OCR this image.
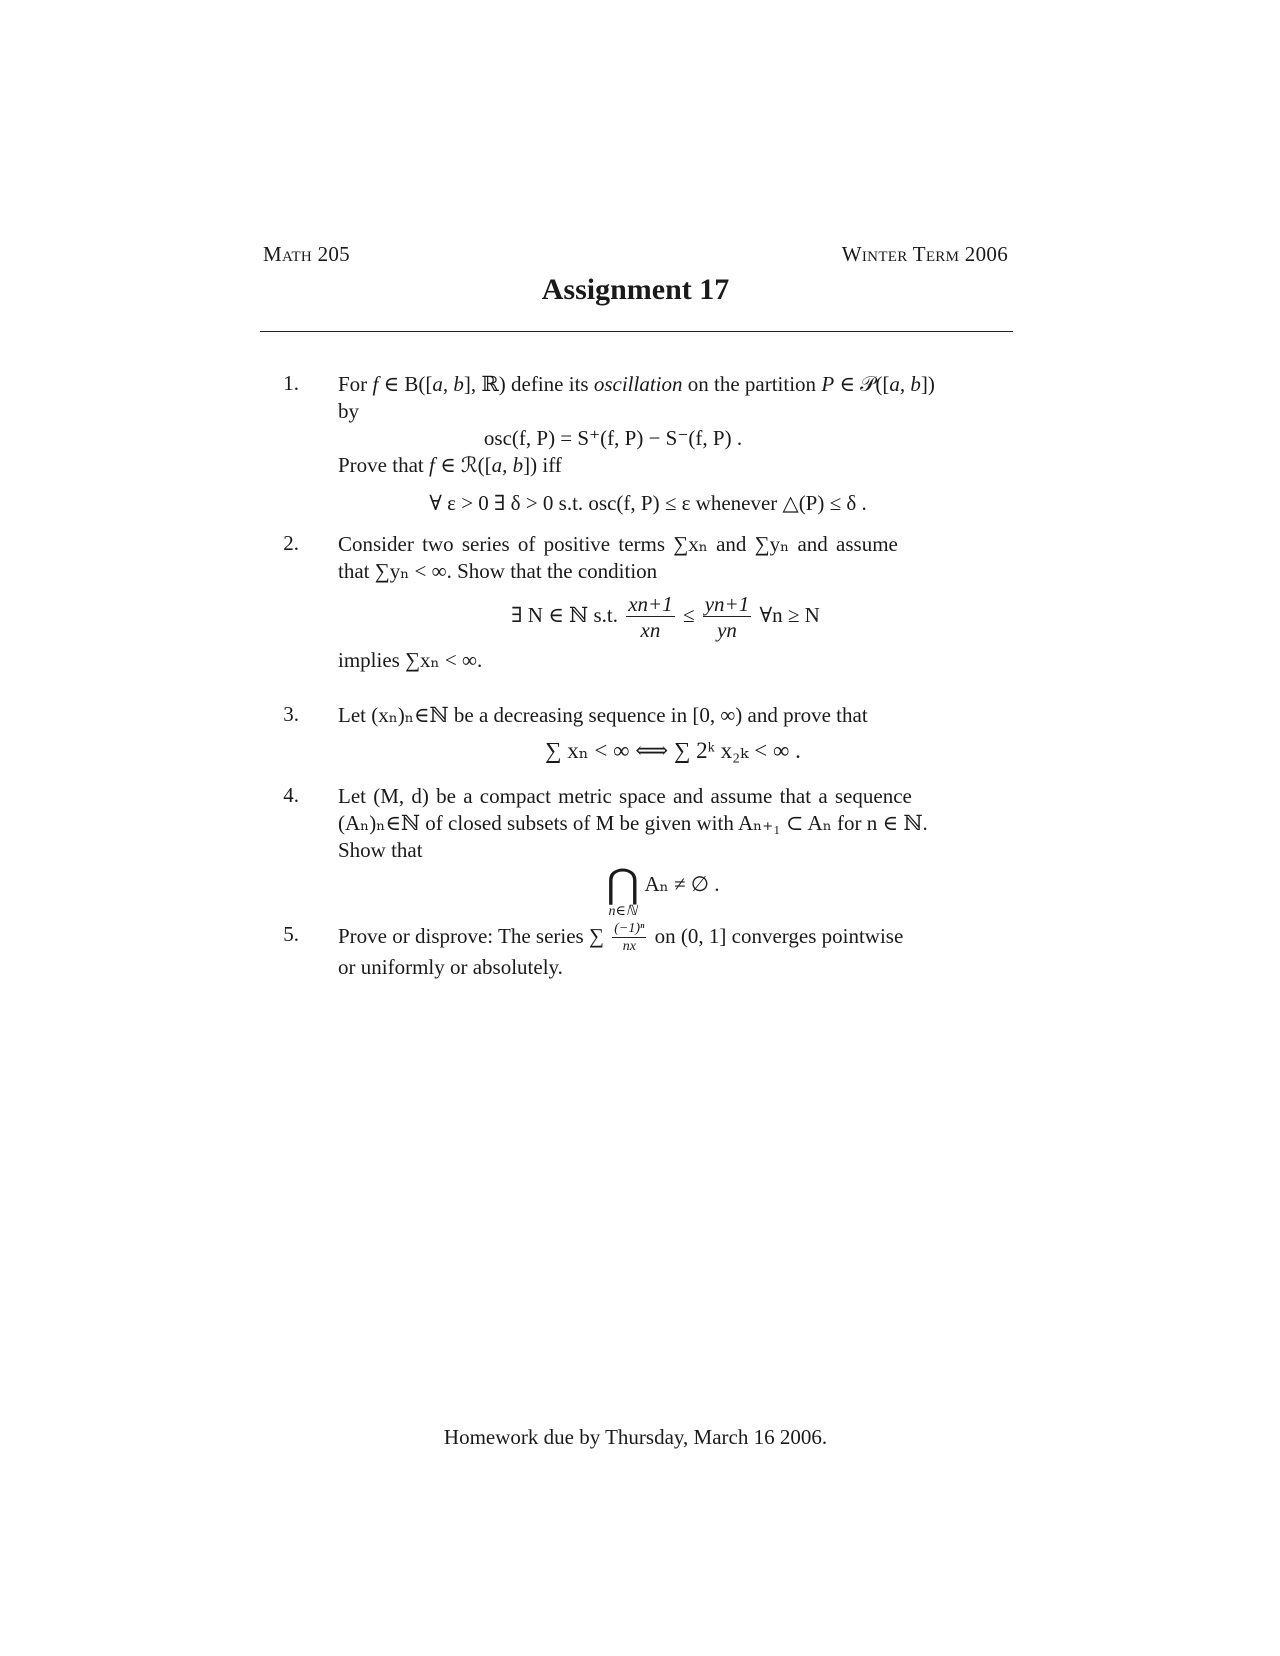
Math 205	Winter Term 2006
Assignment 17
1. For f ∈ B([a, b], ℝ) define its oscillation on the partition P ∈ 𝒫([a, b])
by
osc(f, P) = S⁺(f, P) − S⁻(f, P) .
Prove that f ∈ ℛ([a, b]) iff
∀ ε > 0 ∃ δ > 0 s.t. osc(f, P) ≤ ε whenever △(P) ≤ δ .
2. Consider two series of positive terms ∑xₙ and ∑yₙ and assume
that ∑yₙ < ∞. Show that the condition
∃ N ∈ ℕ s.t. $\frac{xn+1}{xn} \le \frac{yn+1}{yn}$ ∀n ≥ N
implies ∑xₙ < ∞.
3. Let (xₙ)ₙ∈ℕ be a decreasing sequence in [0, ∞) and prove that
∑ xₙ < ∞ ⟺ ∑ 2ᵏ x₂ₖ < ∞ .
4. Let (M, d) be a compact metric space and assume that a sequence
(Aₙ)ₙ∈ℕ of closed subsets of M be given with Aₙ₊₁ ⊂ Aₙ for n ∈ ℕ.
Show that
⋂
n∈ℕ
Aₙ ≠ ∅ .
5. Prove or disprove: The series ∑ $\frac{\text{(−1)ⁿ}}{nx}$ on (0, 1] converges pointwise
or uniformly or absolutely.
Homework due by Thursday, March 16 2006.
